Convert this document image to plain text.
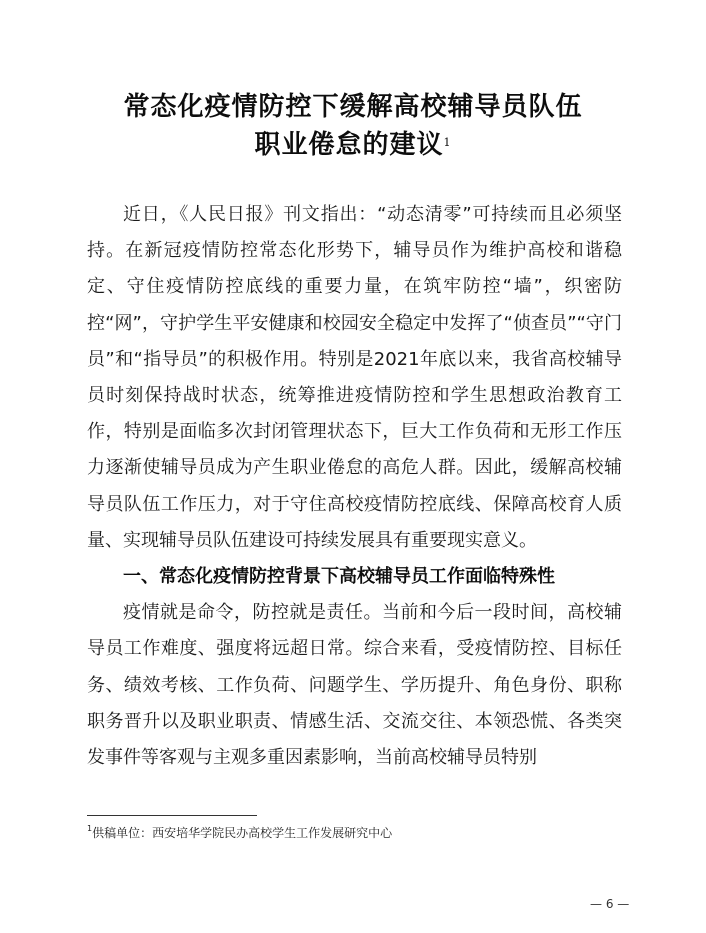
常态化疫情防控下缓解高校辅导员队伍
职业倦怠的建议$^1$

近日，《人民日报》刊文指出：“动态清零”可持续而且必须坚持。在新冠疫情防控常态化形势下，辅导员作为维护高校和谐稳定、守住疫情防控底线的重要力量，在筑牢防控“墙”，织密防控“网”，守护学生平安健康和校园安全稳定中发挥了“侦查员”“守门员”和“指导员”的积极作用。特别是2021年底以来，我省高校辅导员时刻保持战时状态，统筹推进疫情防控和学生思想政治教育工作，特别是面临多次封闭管理状态下，巨大工作负荷和无形工作压力逐渐使辅导员成为产生职业倦怠的高危人群。因此，缓解高校辅导员队伍工作压力，对于守住高校疫情防控底线、保障高校育人质量、实现辅导员队伍建设可持续发展具有重要现实意义。

一、常态化疫情防控背景下高校辅导员工作面临特殊性

疫情就是命令，防控就是责任。当前和今后一段时间，高校辅导员工作难度、强度将远超日常。综合来看，受疫情防控、目标任务、绩效考核、工作负荷、问题学生、学历提升、角色身份、职称职务晋升以及职业职责、情感生活、交流交往、本领恐慌、各类突发事件等客观与主观多重因素影响，当前高校辅导员特别

$^1$供稿单位：西安培华学院民办高校学生工作发展研究中心
— 6 —
